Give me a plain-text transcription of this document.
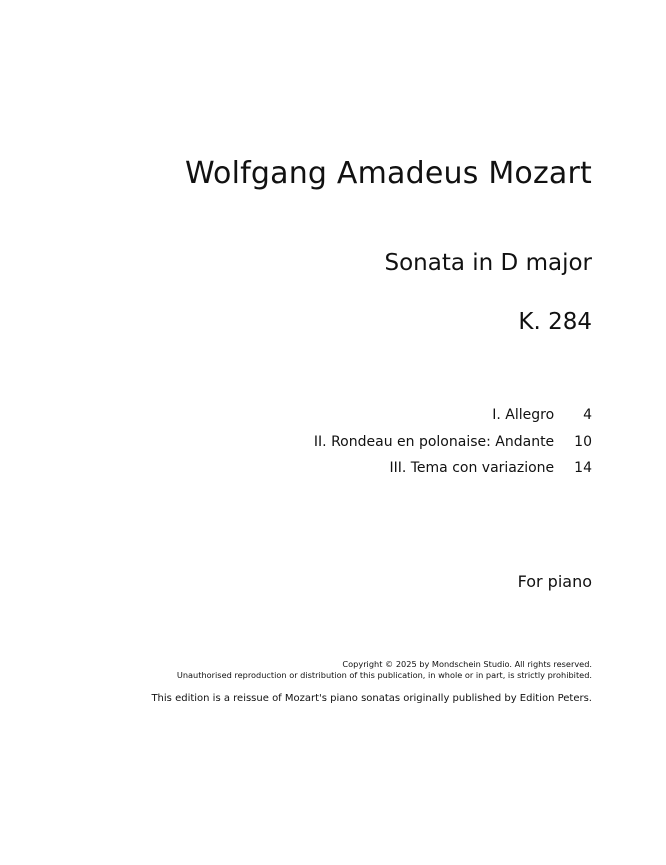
Wolfgang Amadeus Mozart
Sonata in D major
K. 284
I. Allegro	4
II. Rondeau en polonaise: Andante	10
III. Tema con variazione	14
For piano
Copyright © 2025 by Mondschein Studio. All rights reserved.
Unauthorised reproduction or distribution of this publication, in whole or in part, is strictly prohibited.
This edition is a reissue of Mozart's piano sonatas originally published by Edition Peters.
